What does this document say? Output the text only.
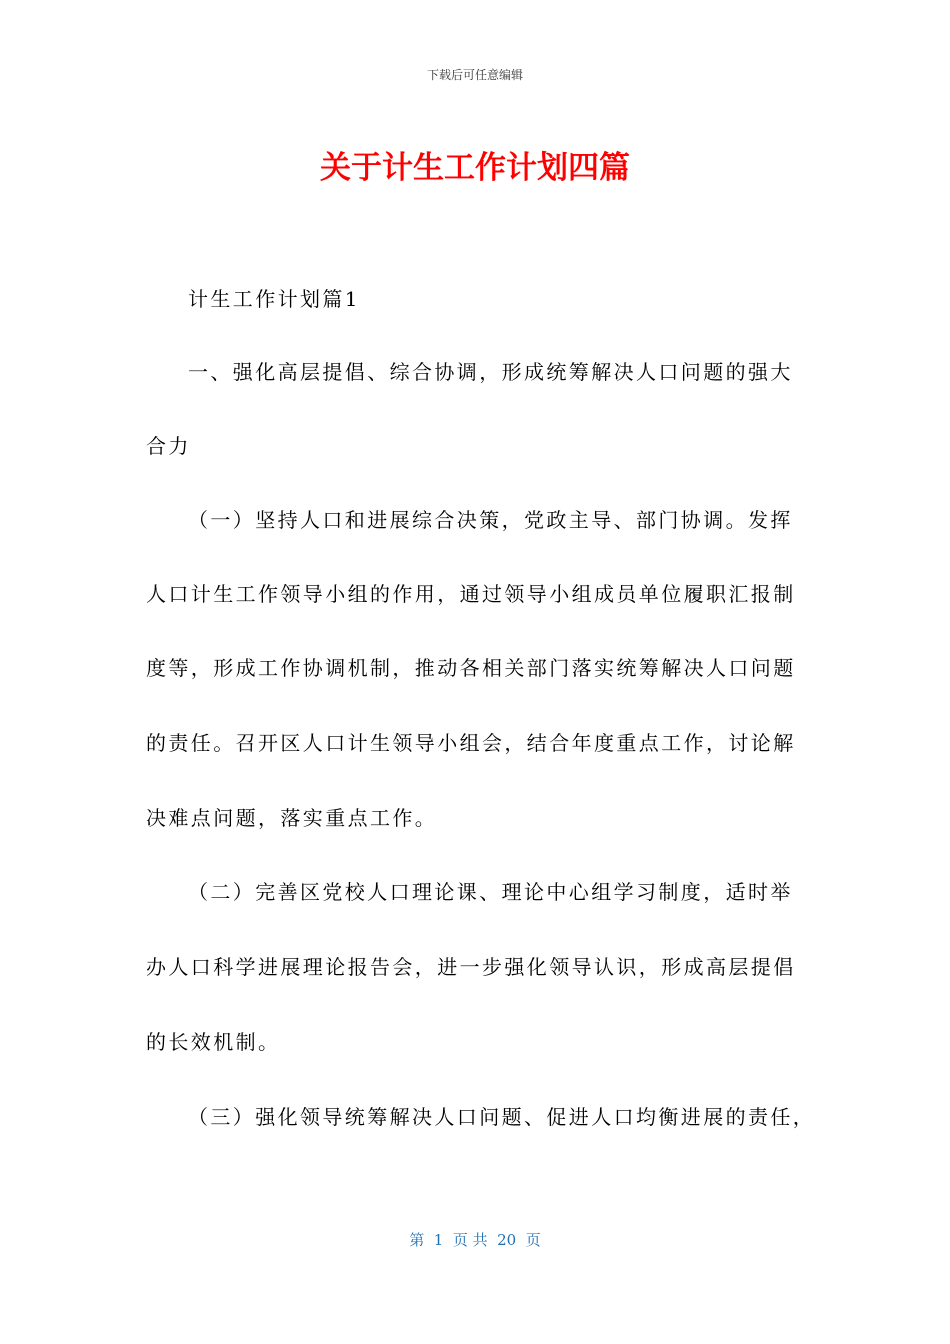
下载后可任意编辑
关于计生工作计划四篇
计生工作计划篇1
一、强化高层提倡、综合协调，形成统筹解决人口问题的强大
合力
（一）坚持人口和进展综合决策，党政主导、部门协调。发挥
人口计生工作领导小组的作用，通过领导小组成员单位履职汇报制
度等，形成工作协调机制，推动各相关部门落实统筹解决人口问题
的责任。召开区人口计生领导小组会，结合年度重点工作，讨论解
决难点问题，落实重点工作。
（二）完善区党校人口理论课、理论中心组学习制度，适时举
办人口科学进展理论报告会，进一步强化领导认识，形成高层提倡
的长效机制。
（三）强化领导统筹解决人口问题、促进人口均衡进展的责任，
第  1  页 共  20  页
